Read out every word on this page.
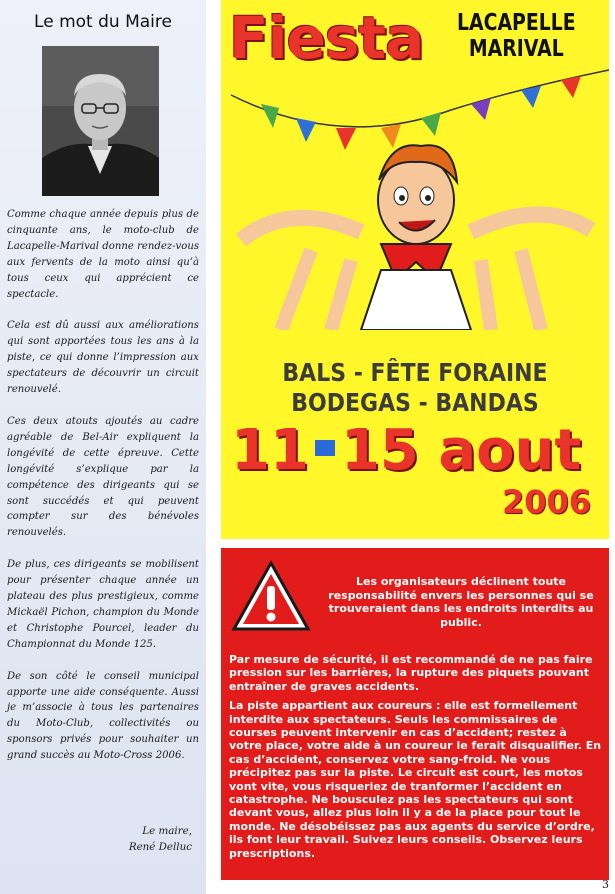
Le mot du Maire

Comme chaque année depuis plus de cinquante ans, le moto-club de Lacapelle-Marival donne rendez-vous aux fervents de la moto ainsi qu’à tous ceux qui apprécient ce spectacle.

Cela est dû aussi aux améliorations qui sont apportées tous les ans à la piste, ce qui donne l’impression aux spectateurs de découvrir un circuit renouvelé.

Ces deux atouts ajoutés au cadre agréable de Bel-Air expliquent la longévité de cette épreuve. Cette longévité s’explique par la compétence des dirigeants qui se sont succédés et qui peuvent compter sur des bénévoles renouvelés.

De plus, ces dirigeants se mobilisent pour présenter chaque année un plateau des plus prestigieux, comme Mickaël Pichon, champion du Monde et Christophe Pourcel, leader du Championnat du Monde 125.

De son côté le conseil municipal apporte une aide conséquente. Aussi je m’associe à tous les partenaires du Moto-Club, collectivités ou sponsors privés pour souhaiter un grand succès au Moto-Cross 2006.

Le maire,
René Delluc
Fiesta LACAPELLE
MARIVAL
BALS - FÊTE FORAINE
BODEGAS - BANDAS
11 15 aout
2006
Les organisateurs déclinent toute responsabilité envers les personnes qui se trouveraient dans les endroits interdits au public.

Par mesure de sécurité, il est recommandé de ne pas faire pression sur les barrières, la rupture des piquets pouvant entraîner de graves accidents.

La piste appartient aux coureurs : elle est formellement interdite aux spectateurs. Seuls les commissaires de courses peuvent intervenir en cas d’accident; restez à votre place, votre aide à un coureur le ferait disqualifier. En cas d’accident, conservez votre sang-froid. Ne vous précipitez pas sur la piste. Le circuit est court, les motos vont vite, vous risqueriez de tranformer l’accident en catastrophe. Ne bousculez pas les spectateurs qui sont devant vous, allez plus loin il y a de la place pour tout le monde. Ne désobéissez pas aux agents du service d’ordre, ils font leur travail. Suivez leurs conseils. Observez leurs prescriptions.

3
